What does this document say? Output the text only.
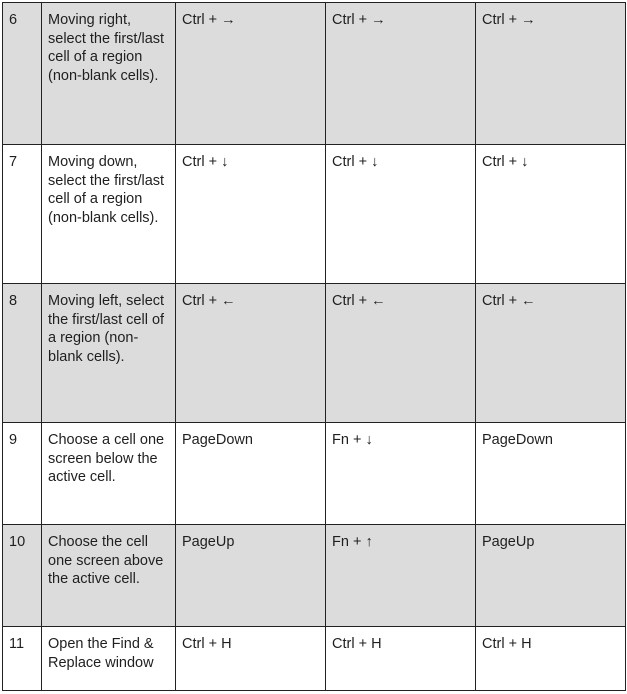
6	Moving right, select the first/last cell of a region (non-blank cells).	Ctrl + →	Ctrl + →	Ctrl + →
7	Moving down, select the first/last cell of a region (non-blank cells).	Ctrl + ↓	Ctrl + ↓	Ctrl + ↓
8	Moving left, select the first/last cell of a region (non-blank cells).	Ctrl + ←	Ctrl + ←	Ctrl + ←
9	Choose a cell one screen below the active cell.	PageDown	Fn + ↓	PageDown
10	Choose the cell one screen above the active cell.	PageUp	Fn + ↑	PageUp
11	Open the Find & Replace window	Ctrl + H	Ctrl + H	Ctrl + H
